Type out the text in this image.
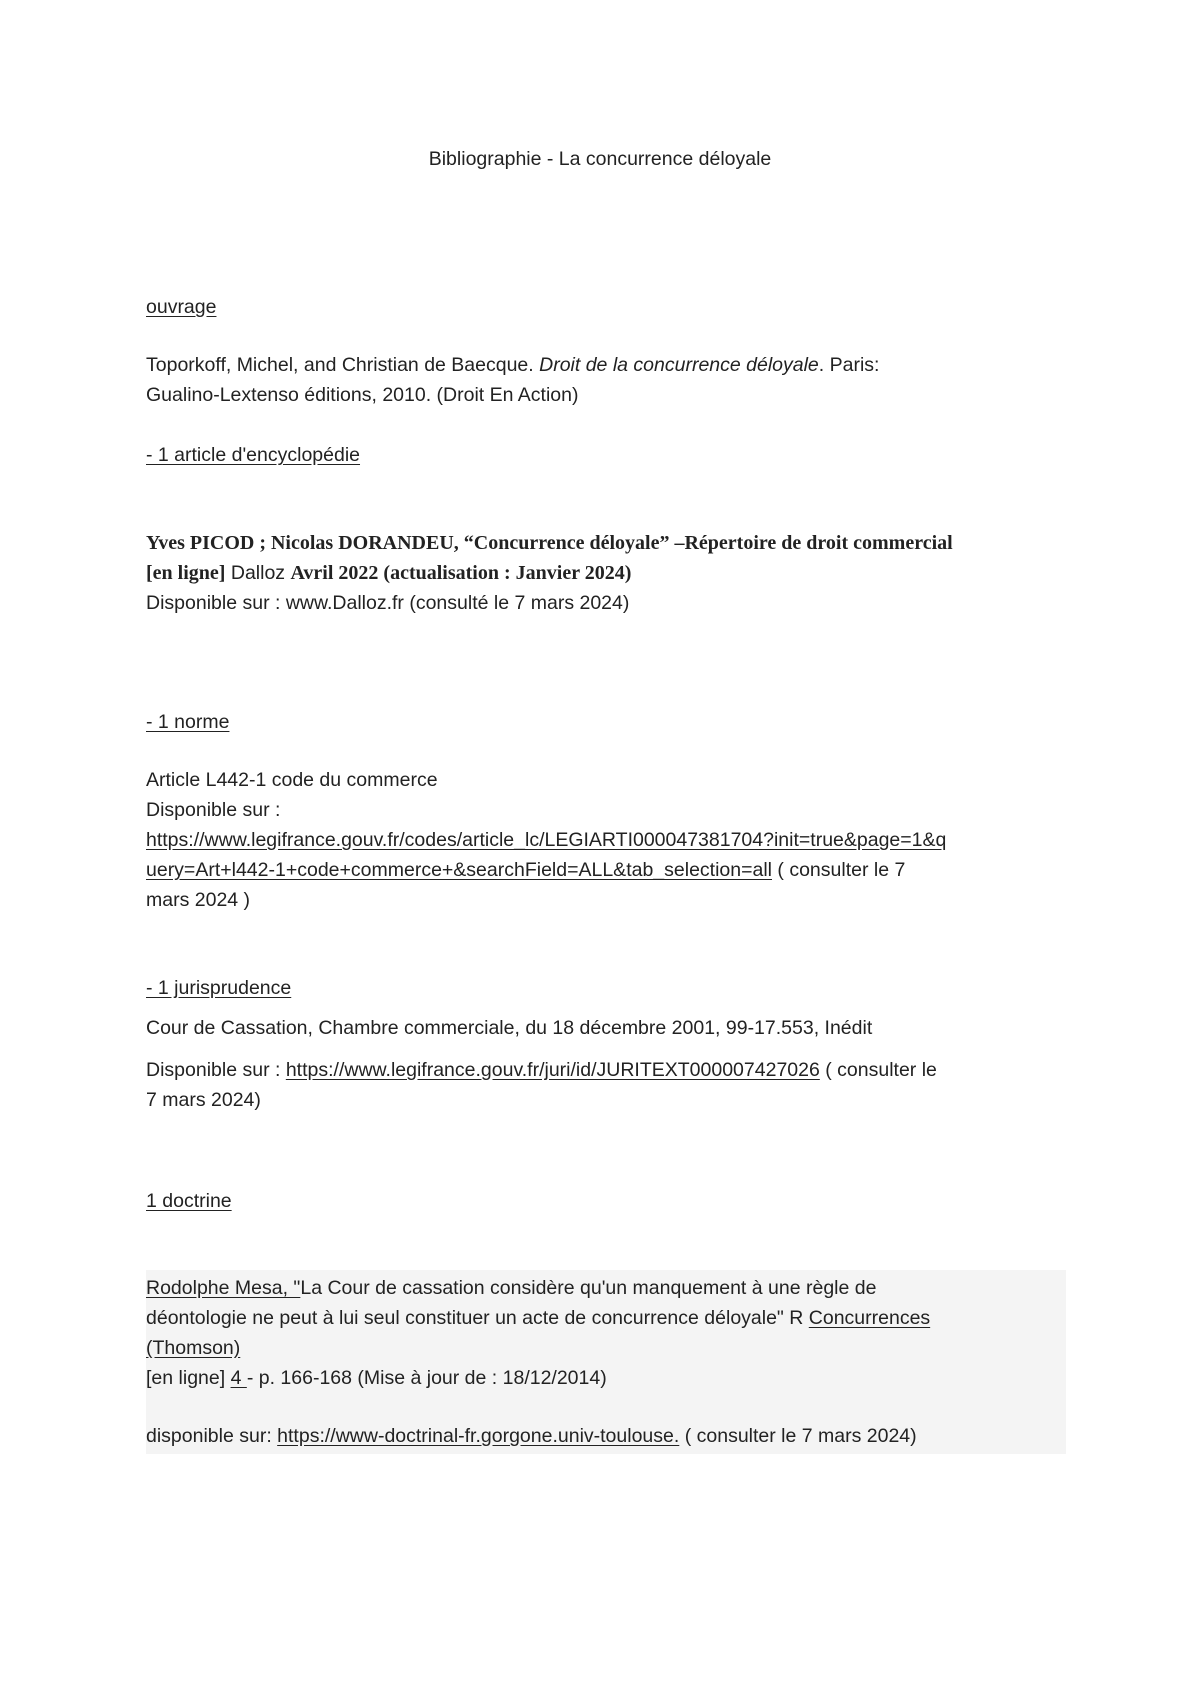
Bibliographie - La concurrence déloyale
ouvrage
Toporkoff, Michel, and Christian de Baecque. Droit de la concurrence déloyale. Paris:
Gualino-Lextenso éditions, 2010. (Droit En Action)
- 1 article d'encyclopédie
Yves PICOD ; Nicolas DORANDEU, “Concurrence déloyale” –Répertoire de droit commercial
[en ligne] Dalloz Avril 2022 (actualisation : Janvier 2024)
Disponible sur : www.Dalloz.fr (consulté le 7 mars 2024)
- 1 norme
Article L442-1 code du commerce
Disponible sur :
https://www.legifrance.gouv.fr/codes/article_lc/LEGIARTI000047381704?init=true&page=1&q
uery=Art+l442-1+code+commerce+&searchField=ALL&tab_selection=all ( consulter le 7
mars 2024 )
- 1 jurisprudence
Cour de Cassation, Chambre commerciale, du 18 décembre 2001, 99-17.553, Inédit
Disponible sur : https://www.legifrance.gouv.fr/juri/id/JURITEXT000007427026 ( consulter le
7 mars 2024)
1 doctrine
Rodolphe Mesa, "La Cour de cassation considère qu'un manquement à une règle de
déontologie ne peut à lui seul constituer un acte de concurrence déloyale" R Concurrences
(Thomson)
[en ligne] 4 - p. 166-168 (Mise à jour de : 18/12/2014)
disponible sur: https://www-doctrinal-fr.gorgone.univ-toulouse. ( consulter le 7 mars 2024)
